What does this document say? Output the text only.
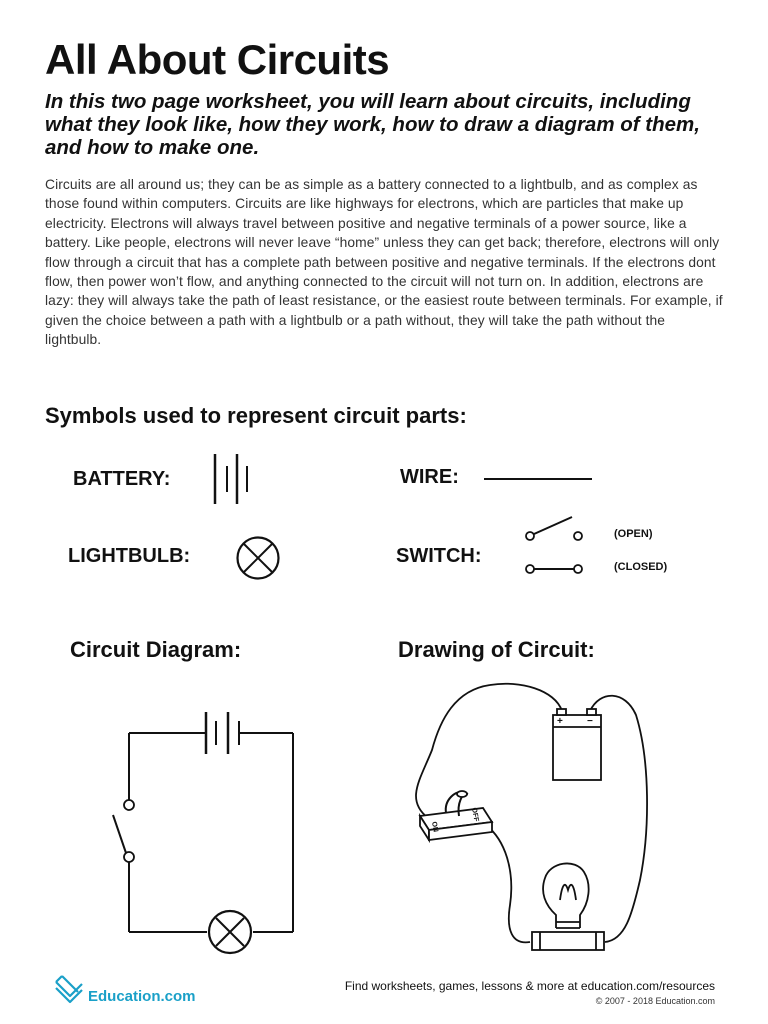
All About Circuits

In this two page worksheet, you will learn about circuits, including what they look like, how they work, how to draw a diagram of them, and how to make one.

Circuits are all around us; they can be as simple as a battery connected to a lightbulb, and as complex as those found within computers. Circuits are like highways for electrons, which are particles that make up electricity. Electrons will always travel between positive and negative terminals of a power source, like a battery. Like people, electrons will never leave “home” unless they can get back; therefore, electrons will only flow through a circuit that has a complete path between positive and negative terminals. If the electrons dont flow, then power won’t flow, and anything connected to the circuit will not turn on. In addition, electrons are lazy: they will always take the path of least resistance, or the easiest route between terminals. For example, if given the choice between a path with a lightbulb or a path without, they will take the path without the lightbulb.

Symbols used to represent circuit parts:
BATTERY:	WIRE:
LIGHTBULB:	SWITCH:
(OPEN)
(CLOSED)
Circuit Diagram:	Drawing of Circuit:
+ −
ON
OFF
Education.com
Find worksheets, games, lessons & more at education.com/resources
© 2007 - 2018 Education.com
